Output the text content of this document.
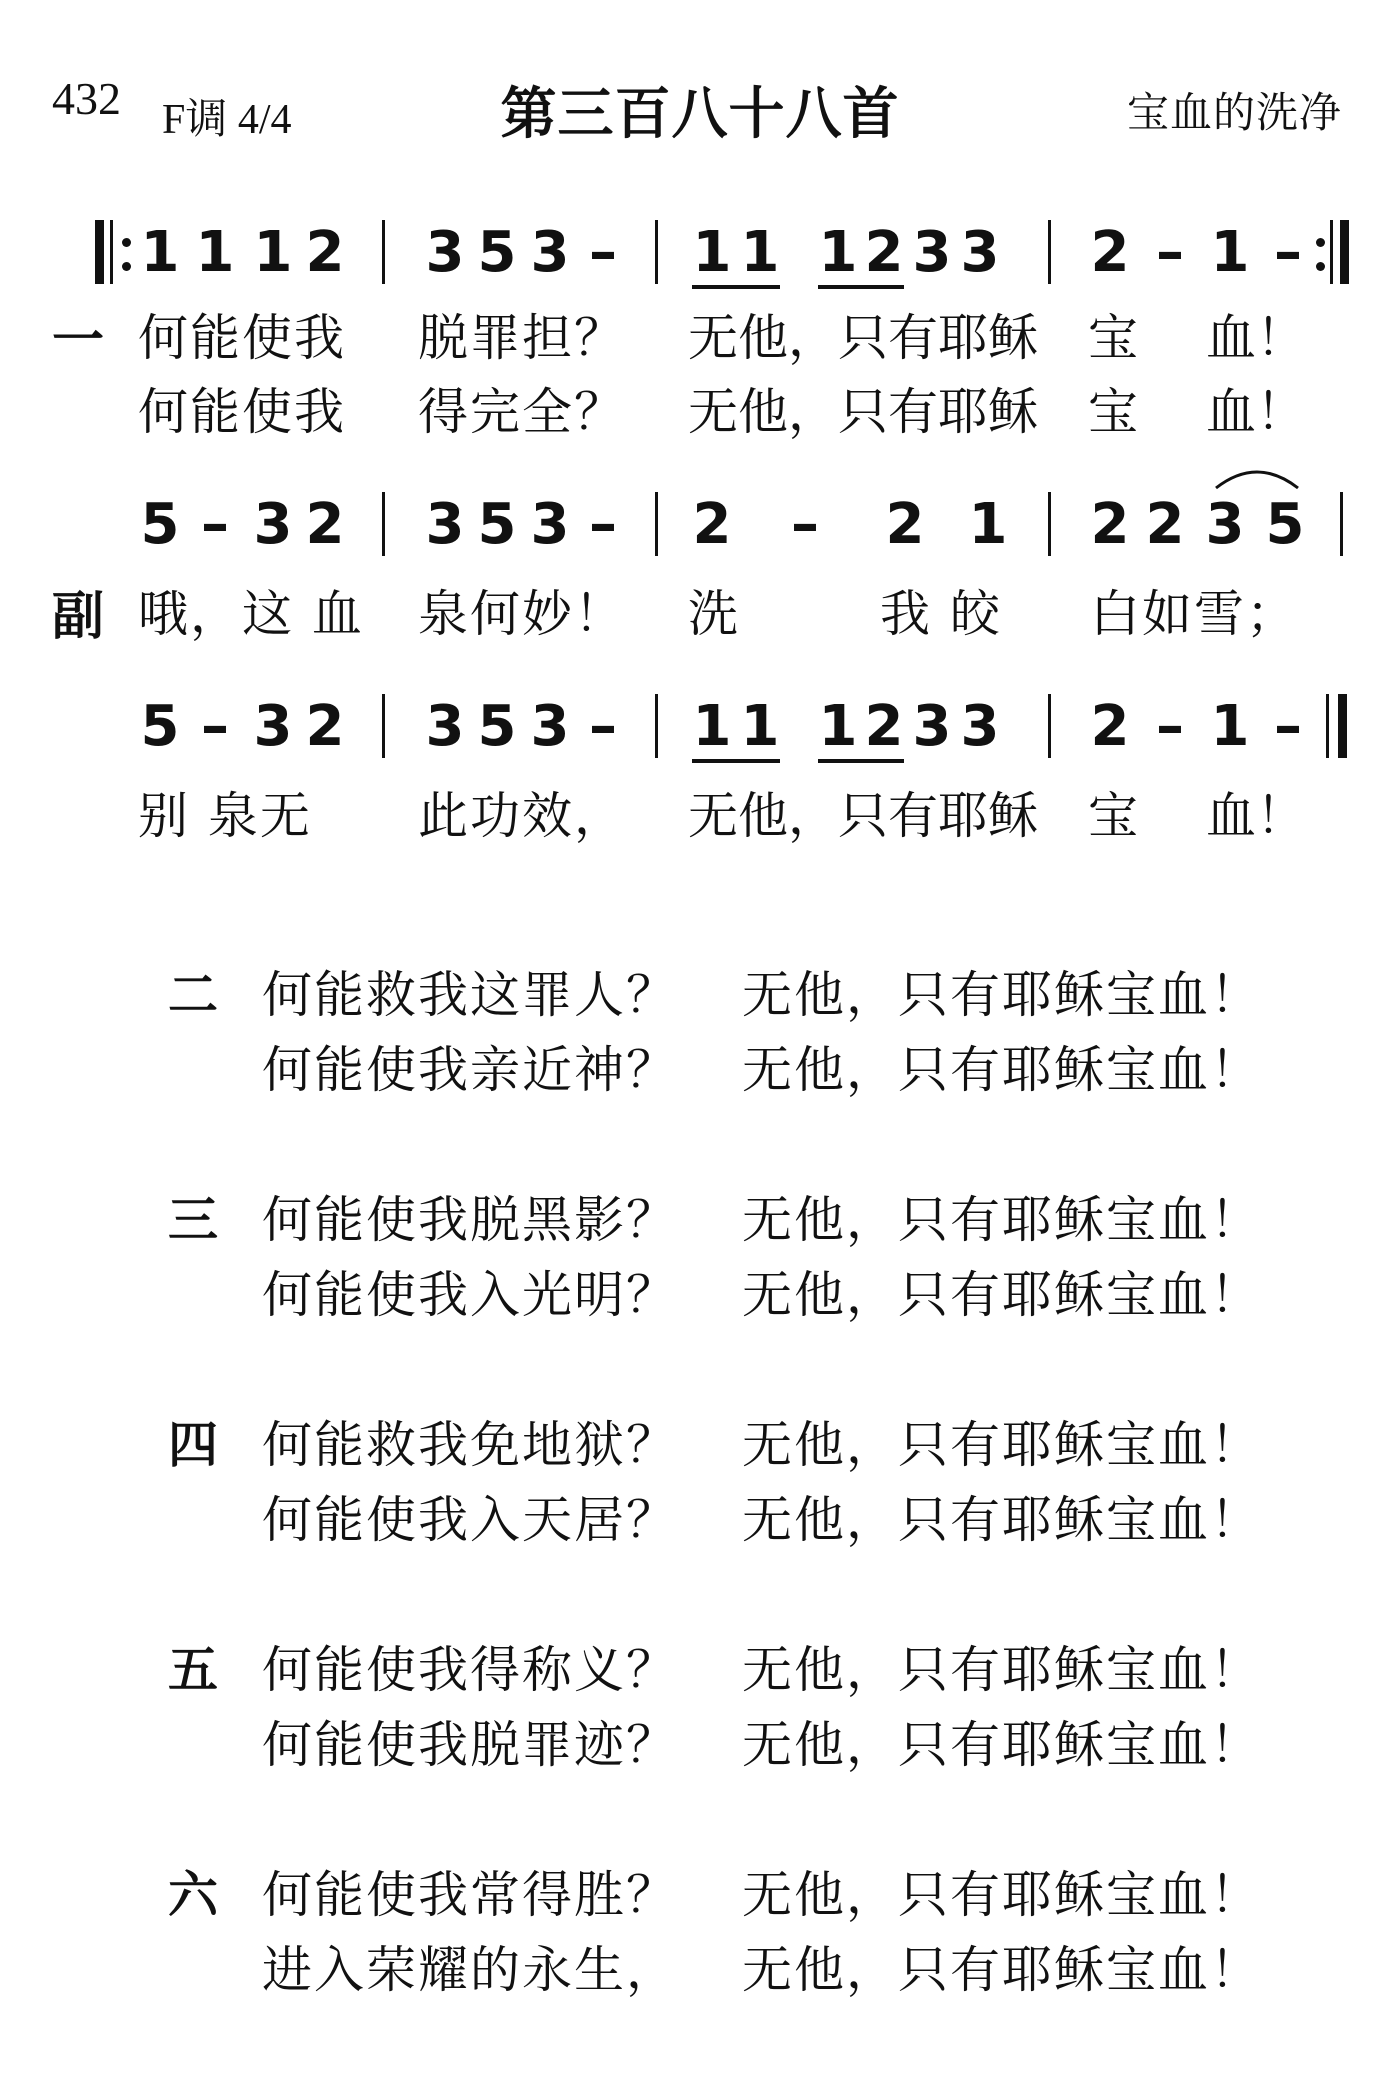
432 F调 4/4	第三百八十八首	宝血的洗净
1 1 1 2 3 5 3 – 1 1 1 2 3 3 2 – 1 –
一 何能使我 脱罪担？ 无他，只有耶稣 宝 血！
何能使我 得完全？ 无他，只有耶稣 宝 血！
5 – 3 2 3 5 3 – 2 – 2 1 2 2 3 5
副 哦，这 血 泉何妙！ 洗	我 皎 白如雪；
5 – 3 2 3 5 3 – 1 1 1 2 3 3 2 – 1 –
别 泉无 此功效， 无他，只有耶稣 宝 血！
二 何能救我这罪人？ 无他，只有耶稣宝血！
何能使我亲近神？ 无他，只有耶稣宝血！
三 何能使我脱黑影？ 无他，只有耶稣宝血！
何能使我入光明？ 无他，只有耶稣宝血！
四 何能救我免地狱？ 无他，只有耶稣宝血！
何能使我入天居？ 无他，只有耶稣宝血！
五 何能使我得称义？ 无他，只有耶稣宝血！
何能使我脱罪迹？ 无他，只有耶稣宝血！
六 何能使我常得胜？ 无他，只有耶稣宝血！
进入荣耀的永生， 无他，只有耶稣宝血！
